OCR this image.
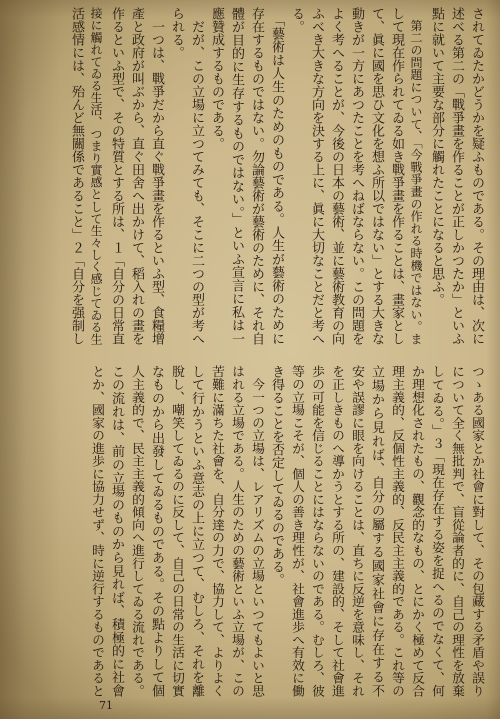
されてゐたかどうかを疑ふものである。その理由は、次に
述べる第二の「戰爭畫を作ることが正しかつたか」といふ
點に就いて主要な部分に觸れたことになると思ふ。
　第二の問題について、「今戰爭畫の作れる時機ではない。ま
して現在作られてゐる如き戰爭畫を作ることは、畫家とし
て、眞に國を思ひ文化を想ふ所以ではない」とする大きな
動きが一方にあつたことを考へねばならない。この問題を
よく考へることが、今後の日本の藝術、並に藝術教育の向
ふべき大きな方向を決する上に、眞に大切なことだと考へ
る。
　「藝術は人生のためのものである。人生が藝術のために
存在するものではない。勿論藝術が藝術のために、それ自
體が目的に生存するものではない。」といふ宣言に私は一
應贊成するものである。
　だが、この立場に立つてみても、そこに二つの型が考へ
られる。
　一つは、戰爭だから直ぐ戰爭畫を作るといふ型、食糧增
產と政府が叫ぶから、直ぐ田舍へ出かけて、稻入れの畫を
作るといふ型で、その特質とする所は、１「自分の日常直
接に觸れてゐる生活、つまり實感として生々しく感じてゐる生
活感情には、殆んど無關係であること」２「自分を强制し
つゝある國家とか社會に對して、その包藏する矛盾や誤り
について全く無批判で、盲從論者的に、自己の理性を放棄
してゐる。」３「現在存在する姿を捉へるのでなくて、何
か理想化されたもの、觀念的なもの、とにかく極めて反合
理主義的、反個性主義的、反民主主義的である。これ等の
立場から見れば、自分の屬する國家社會に存在する不
安や誤謬に眼を向けることは、直ちに反逆を意味し、それ
を正しきものへ導かうとする所の、建設的、そして社會進
歩の可能を信じることにはならないのである。むしろ、彼
等の立場こそが、個人の善き理性が、社會進歩へ有效に働
き得ることを否定してゐるのである。
　今一つの立場は、レアリズムの立場といつてもよいと思
はれる立場である。人生のための藝術といふ立場が、この
苦難に滿ちた社會を、自分達の力で、協力して、よりよく
して行かうといふ意志の上に立つて、むしろ、それを離
脫し、嘲笑してゐるのに反して、自己の日常の生活に切實
なものから出發してゐるものである。その點よりして個
人主義的で、民主主義的傾向へ進行してゐる流れである。
この流れは、前の立場のものから見れば、積極的に社會
とか、國家の進歩に協力せず、時に逆行するものであると
71
